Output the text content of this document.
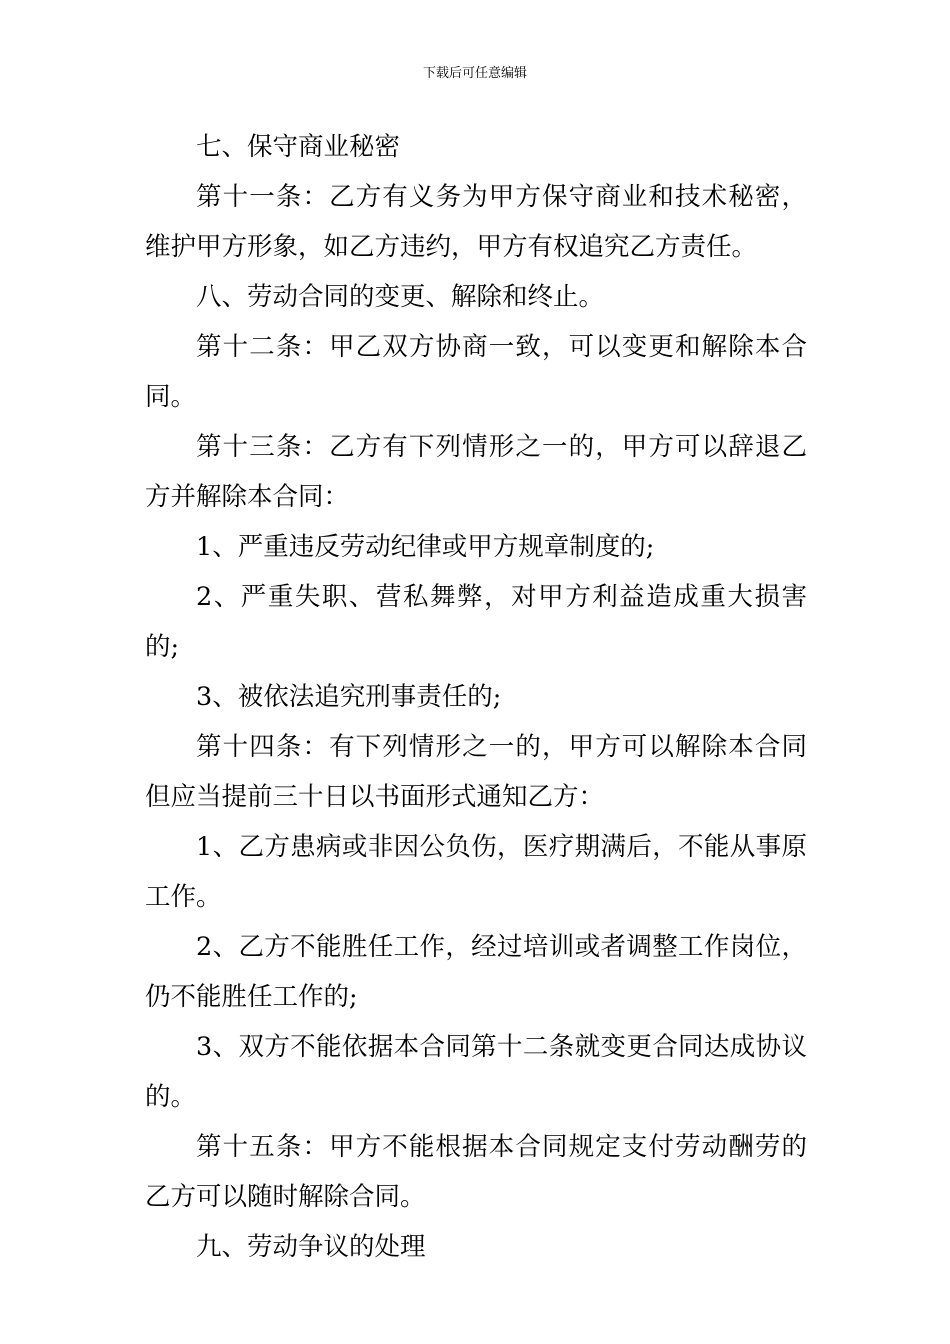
下载后可任意编辑

七、保守商业秘密

第十一条：乙方有义务为甲方保守商业和技术秘密，维护甲方形象，如乙方违约，甲方有权追究乙方责任。

八、劳动合同的变更、解除和终止。

第十二条：甲乙双方协商一致，可以变更和解除本合同。

第十三条：乙方有下列情形之一的，甲方可以辞退乙方并解除本合同：

1、严重违反劳动纪律或甲方规章制度的;

2、严重失职、营私舞弊，对甲方利益造成重大损害的;

3、被依法追究刑事责任的;

第十四条：有下列情形之一的，甲方可以解除本合同但应当提前三十日以书面形式通知乙方：

1、乙方患病或非因公负伤，医疗期满后，不能从事原工作。

2、乙方不能胜任工作，经过培训或者调整工作岗位，仍不能胜任工作的;

3、双方不能依据本合同第十二条就变更合同达成协议的。

第十五条：甲方不能根据本合同规定支付劳动酬劳的乙方可以随时解除合同。

九、劳动争议的处理
